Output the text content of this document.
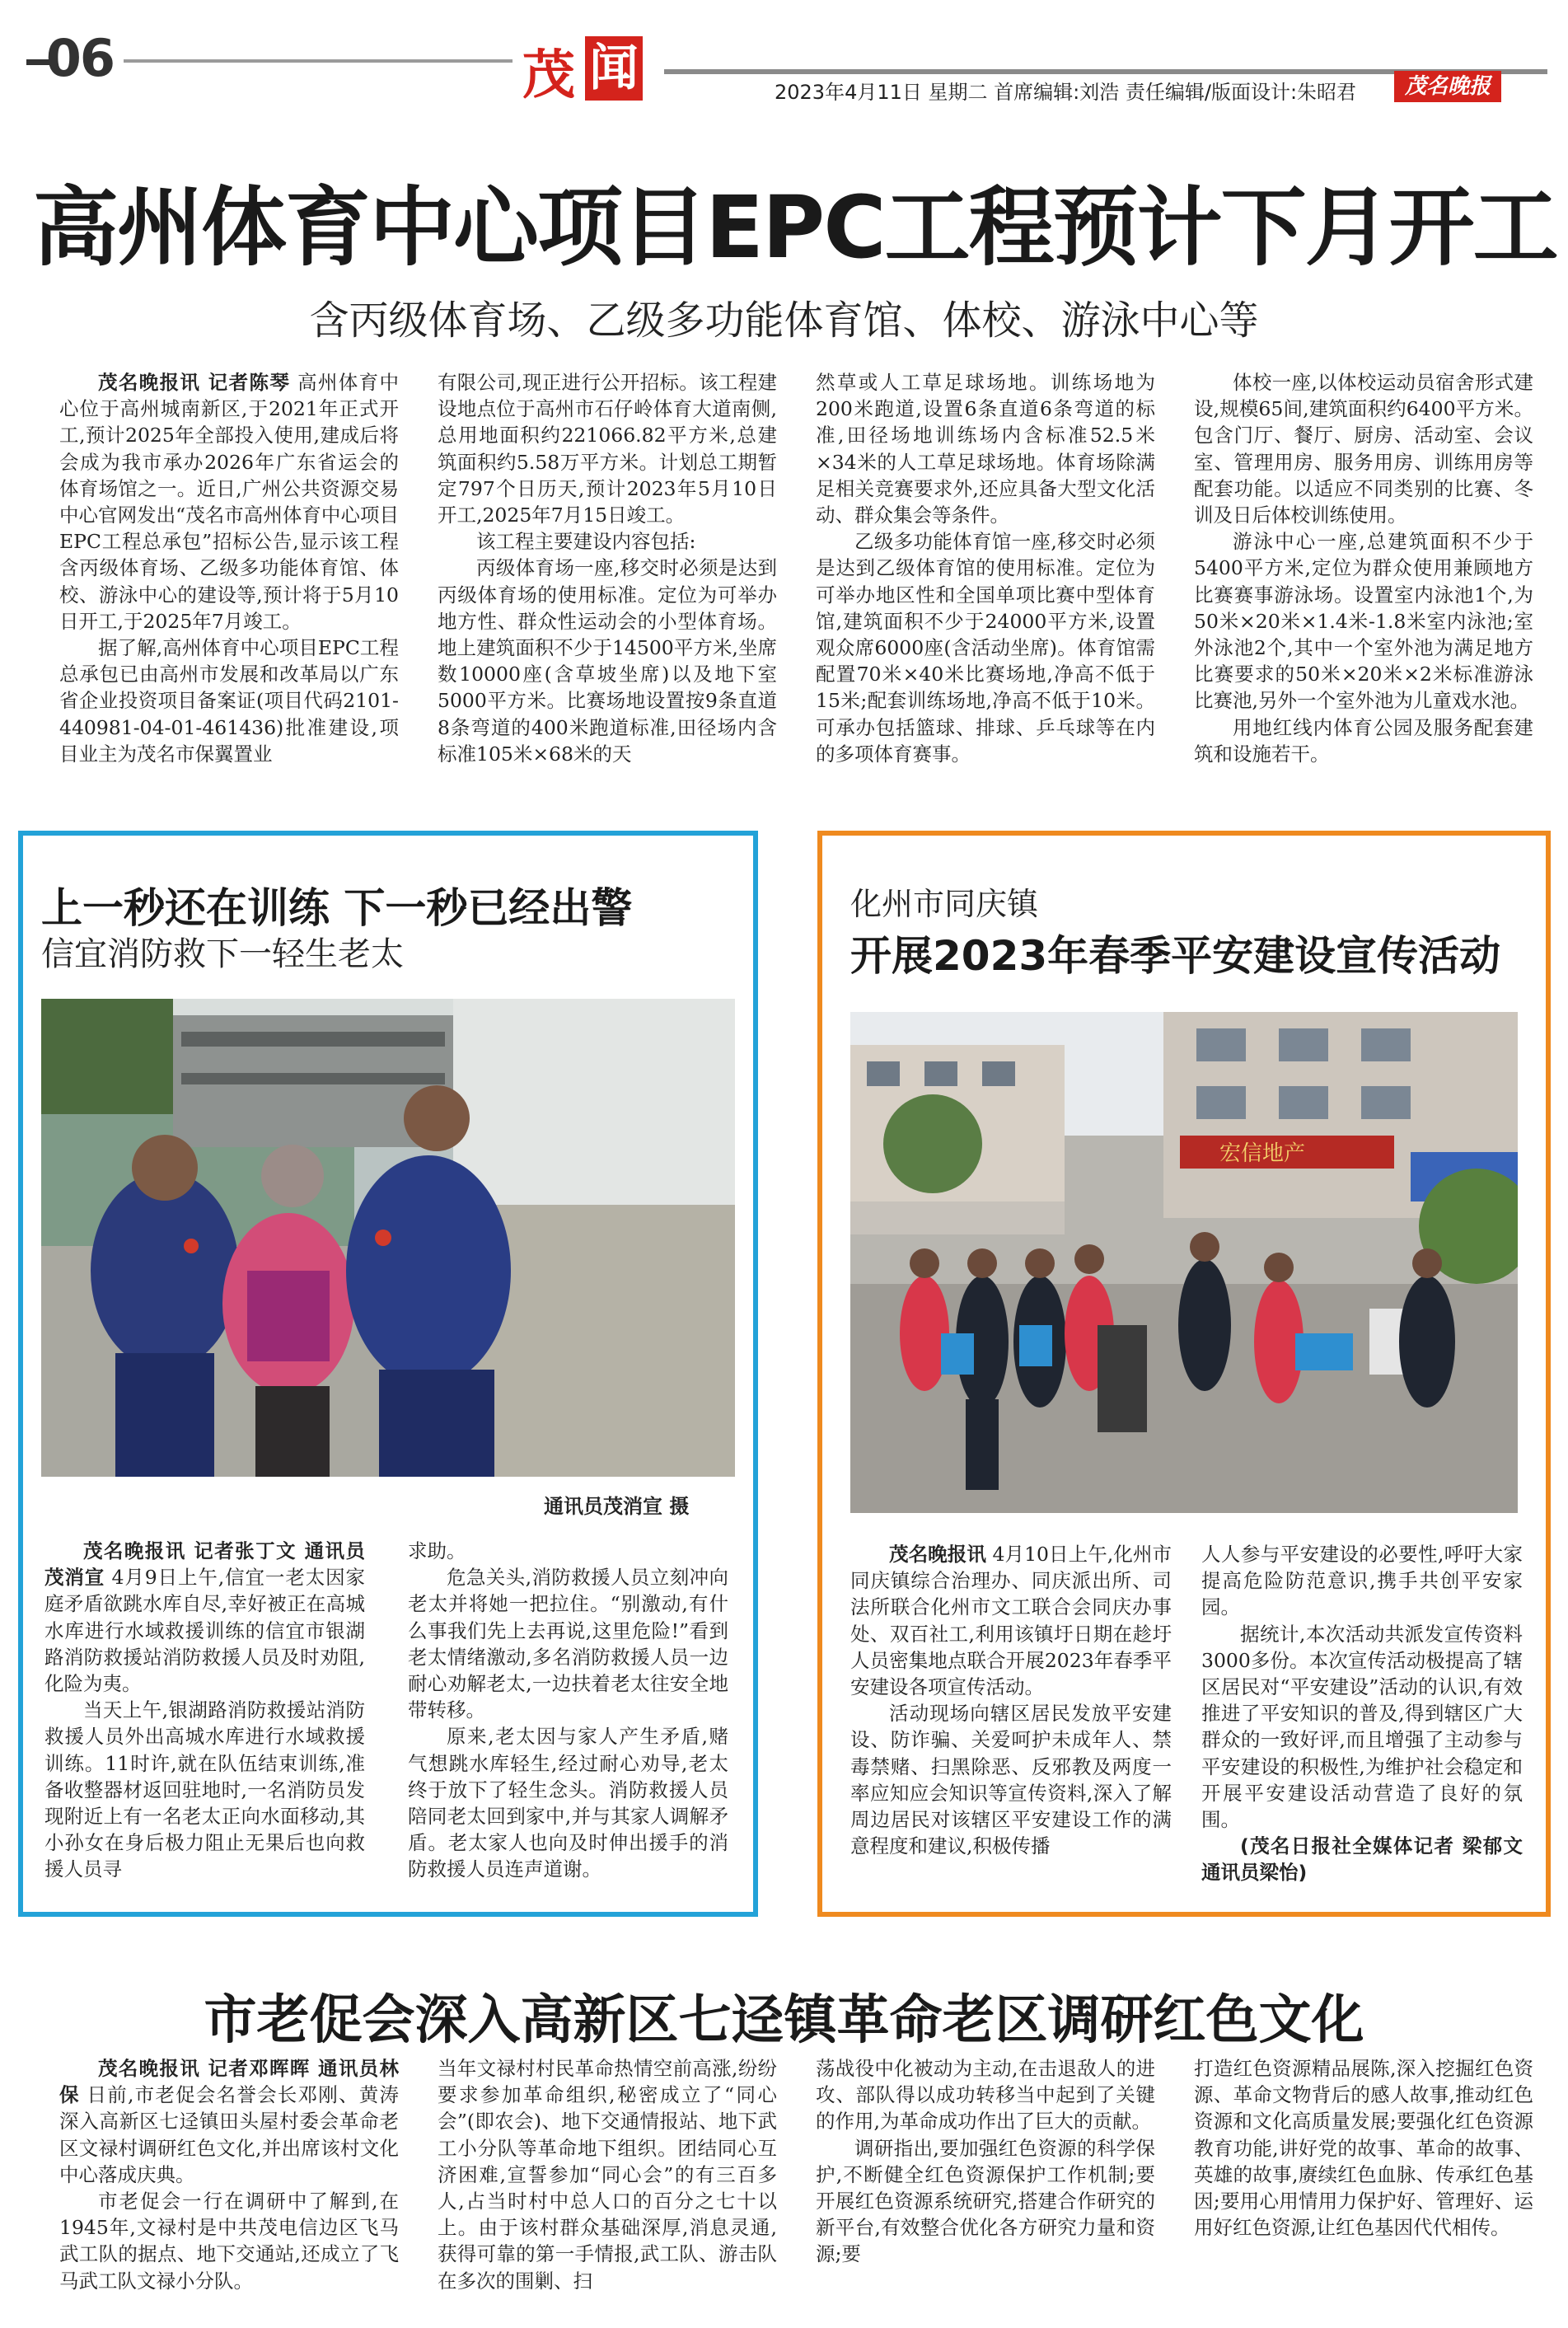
06	茂 闻	2023年4月11日 星期二 首席编辑:刘浩 责任编辑/版面设计:朱昭君	茂名晚报
高州体育中心项目EPC工程预计下月开工
含丙级体育场、乙级多功能体育馆、体校、游泳中心等

茂名晚报讯 记者陈琴 高州体育中心位于高州城南新区,于2021年正式开工,预计2025年全部投入使用,建成后将会成为我市承办2026年广东省运会的体育场馆之一。近日,广州公共资源交易中心官网发出“茂名市高州体育中心项目EPC工程总承包”招标公告,显示该工程含丙级体育场、乙级多功能体育馆、体校、游泳中心的建设等,预计将于5月10日开工,于2025年7月竣工。

据了解,高州体育中心项目EPC工程总承包已由高州市发展和改革局以广东省企业投资项目备案证(项目代码2101-440981-04-01-461436)批准建设,项目业主为茂名市保翼置业

有限公司,现正进行公开招标。该工程建设地点位于高州市石仔岭体育大道南侧,总用地面积约221066.82平方米,总建筑面积约5.58万平方米。计划总工期暂定797个日历天,预计2023年5月10日开工,2025年7月15日竣工。

该工程主要建设内容包括:

丙级体育场一座,移交时必须是达到丙级体育场的使用标准。定位为可举办地方性、群众性运动会的小型体育场。地上建筑面积不少于14500平方米,坐席数10000座(含草坡坐席)以及地下室5000平方米。比赛场地设置按9条直道8条弯道的400米跑道标准,田径场内含标准105米×68米的天

然草或人工草足球场地。训练场地为200米跑道,设置6条直道6条弯道的标准,田径场地训练场内含标准52.5米×34米的人工草足球场地。体育场除满足相关竞赛要求外,还应具备大型文化活动、群众集会等条件。

乙级多功能体育馆一座,移交时必须是达到乙级体育馆的使用标准。定位为可举办地区性和全国单项比赛中型体育馆,建筑面积不少于24000平方米,设置观众席6000座(含活动坐席)。体育馆需配置70米×40米比赛场地,净高不低于15米;配套训练场地,净高不低于10米。可承办包括篮球、排球、乒乓球等在内的多项体育赛事。

体校一座,以体校运动员宿舍形式建设,规模65间,建筑面积约6400平方米。包含门厅、餐厅、厨房、活动室、会议室、管理用房、服务用房、训练用房等配套功能。以适应不同类别的比赛、冬训及日后体校训练使用。

游泳中心一座,总建筑面积不少于5400平方米,定位为群众使用兼顾地方比赛赛事游泳场。设置室内泳池1个,为50米×20米×1.4米-1.8米室内泳池;室外泳池2个,其中一个室外池为满足地方比赛要求的50米×20米×2米标准游泳比赛池,另外一个室外池为儿童戏水池。

用地红线内体育公园及服务配套建筑和设施若干。

上一秒还在训练 下一秒已经出警
信宜消防救下一轻生老太
通讯员茂消宣 摄

茂名晚报讯 记者张丁文 通讯员茂消宣 4月9日上午,信宜一老太因家庭矛盾欲跳水库自尽,幸好被正在高城水库进行水域救援训练的信宜市银湖路消防救援站消防救援人员及时劝阻,化险为夷。

当天上午,银湖路消防救援站消防救援人员外出高城水库进行水域救援训练。11时许,就在队伍结束训练,准备收整器材返回驻地时,一名消防员发现附近上有一名老太正向水面移动,其小孙女在身后极力阻止无果后也向救援人员寻

求助。

危急关头,消防救援人员立刻冲向老太并将她一把拉住。“别激动,有什么事我们先上去再说,这里危险!”看到老太情绪激动,多名消防救援人员一边耐心劝解老太,一边扶着老太往安全地带转移。

原来,老太因与家人产生矛盾,赌气想跳水库轻生,经过耐心劝导,老太终于放下了轻生念头。消防救援人员陪同老太回到家中,并与其家人调解矛盾。老太家人也向及时伸出援手的消防救援人员连声道谢。

化州市同庆镇
开展2023年春季平安建设宣传活动
宏信地产

茂名晚报讯 4月10日上午,化州市同庆镇综合治理办、同庆派出所、司法所联合化州市文工联合会同庆办事处、双百社工,利用该镇圩日期在趁圩人员密集地点联合开展2023年春季平安建设各项宣传活动。

活动现场向辖区居民发放平安建设、防诈骗、关爱呵护未成年人、禁毒禁赌、扫黑除恶、反邪教及两度一率应知应会知识等宣传资料,深入了解周边居民对该辖区平安建设工作的满意程度和建议,积极传播

人人参与平安建设的必要性,呼吁大家提高危险防范意识,携手共创平安家园。

据统计,本次活动共派发宣传资料3000多份。本次宣传活动极提高了辖区居民对“平安建设”活动的认识,有效推进了平安知识的普及,得到辖区广大群众的一致好评,而且增强了主动参与平安建设的积极性,为维护社会稳定和开展平安建设活动营造了良好的氛围。

(茂名日报社全媒体记者 梁郁文 通讯员梁怡)

市老促会深入高新区七迳镇革命老区调研红色文化

茂名晚报讯 记者邓晖晖 通讯员林保 日前,市老促会名誉会长邓刚、黄涛深入高新区七迳镇田头屋村委会革命老区文禄村调研红色文化,并出席该村文化中心落成庆典。

市老促会一行在调研中了解到,在1945年,文禄村是中共茂电信边区飞马武工队的据点、地下交通站,还成立了飞马武工队文禄小分队。

当年文禄村村民革命热情空前高涨,纷纷要求参加革命组织,秘密成立了“同心会”(即农会)、地下交通情报站、地下武工小分队等革命地下组织。团结同心互济困难,宣誓参加“同心会”的有三百多人,占当时村中总人口的百分之七十以上。由于该村群众基础深厚,消息灵通,获得可靠的第一手情报,武工队、游击队在多次的围剿、扫

荡战役中化被动为主动,在击退敌人的进攻、部队得以成功转移当中起到了关键的作用,为革命成功作出了巨大的贡献。

调研指出,要加强红色资源的科学保护,不断健全红色资源保护工作机制;要开展红色资源系统研究,搭建合作研究的新平台,有效整合优化各方研究力量和资源;要

打造红色资源精品展陈,深入挖掘红色资源、革命文物背后的感人故事,推动红色资源和文化高质量发展;要强化红色资源教育功能,讲好党的故事、革命的故事、英雄的故事,赓续红色血脉、传承红色基因;要用心用情用力保护好、管理好、运用好红色资源,让红色基因代代相传。
